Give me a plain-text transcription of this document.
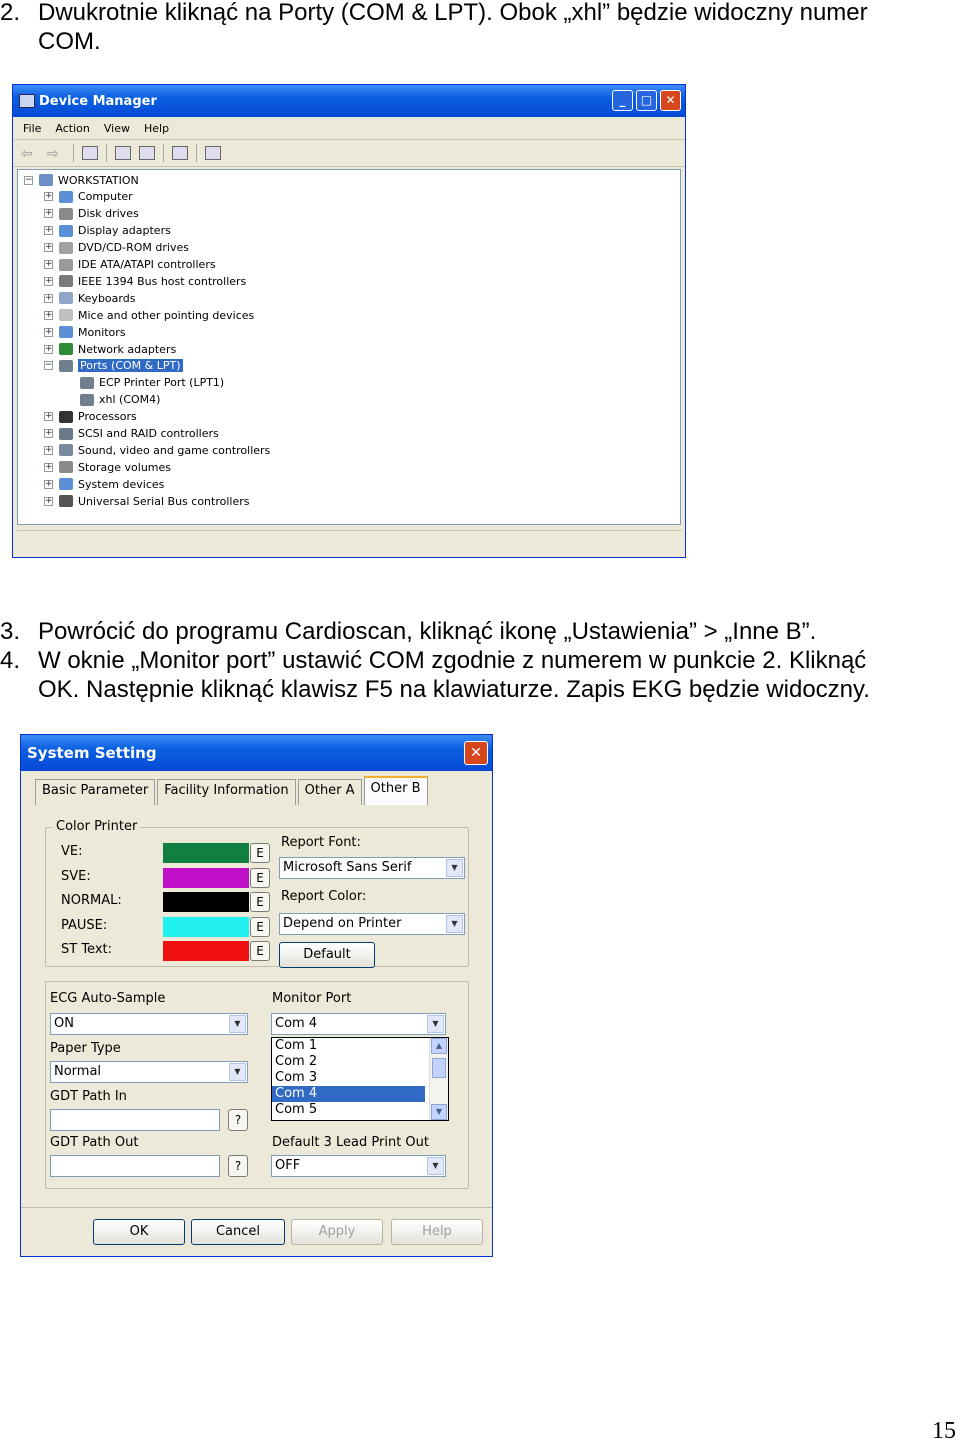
2. Dwukrotnie kliknąć na Porty (COM & LPT). Obok „xhl” będzie widoczny numer
COM.
Device Manager	_	□	✕
File Action View Help
⇦	⇨
− WORKSTATION
+ Computer
+ Disk drives
+ Display adapters
+ DVD/CD-ROM drives
+ IDE ATA/ATAPI controllers
+ IEEE 1394 Bus host controllers
+ Keyboards
+ Mice and other pointing devices
+ Monitors
+ Network adapters
− Ports (COM & LPT)
ECP Printer Port (LPT1)
xhl (COM4)
+ Processors
+ SCSI and RAID controllers
+ Sound, video and game controllers
+ Storage volumes
+ System devices
+ Universal Serial Bus controllers
3. Powrócić do programu Cardioscan, kliknąć ikonę „Ustawienia” > „Inne B”.
4. W oknie „Monitor port” ustawić COM zgodnie z numerem w punkcie 2. Kliknąć
OK. Następnie kliknąć klawisz F5 na klawiaturze. Zapis EKG będzie widoczny.
System Setting	✕
Basic Parameter	Facility Information	Other A	Other B
Color Printer
VE:	E
SVE:	E
NORMAL:	E
PAUSE:	E
ST Text:	E
Report Font:
Microsoft Sans Serif	▼
Report Color:
Depend on Printer	▼
Default
ECG Auto-Sample
ON	▼
Paper Type
Normal	▼
GDT Path In
?
GDT Path Out
?
Monitor Port
Com 4	▼
Default 3 Lead Print Out
OFF	▼
Com 1
Com 2
Com 3
Com 4
Com 5
▲
▼
OK	Cancel	Apply	Help
15
